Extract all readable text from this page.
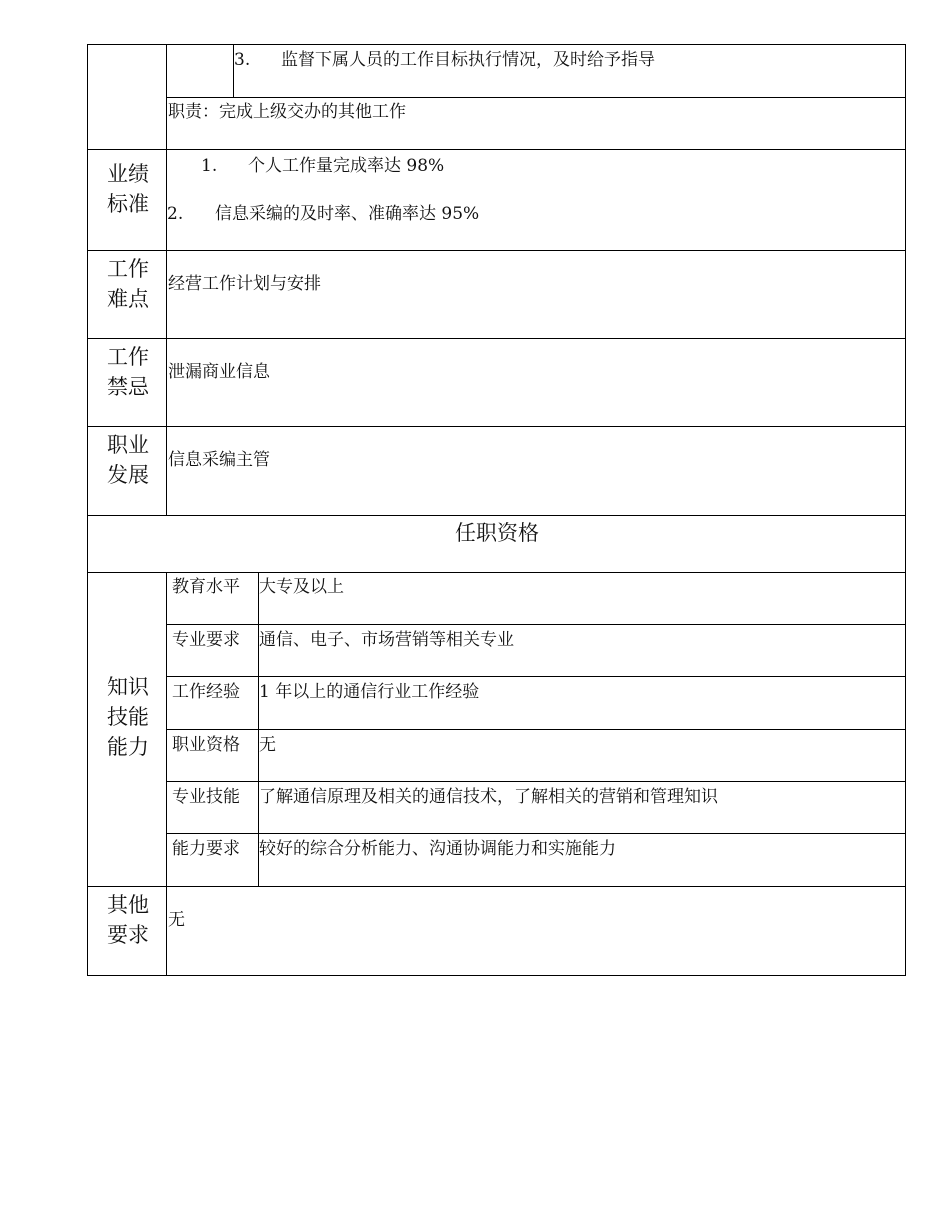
3. 监督下属人员的工作目标执行情况，及时给予指导
职责：完成上级交办的其他工作
业绩标准
1. 个人工作量完成率达 98%
2. 信息采编的及时率、准确率达 95%
工作难点
经营工作计划与安排
工作禁忌
泄漏商业信息
职业发展
信息采编主管
任职资格
知识技能能力
教育水平 大专及以上
专业要求 通信、电子、市场营销等相关专业
工作经验 1 年以上的通信行业工作经验
职业资格 无
专业技能 了解通信原理及相关的通信技术，了解相关的营销和管理知识
能力要求 较好的综合分析能力、沟通协调能力和实施能力
其他要求
无
